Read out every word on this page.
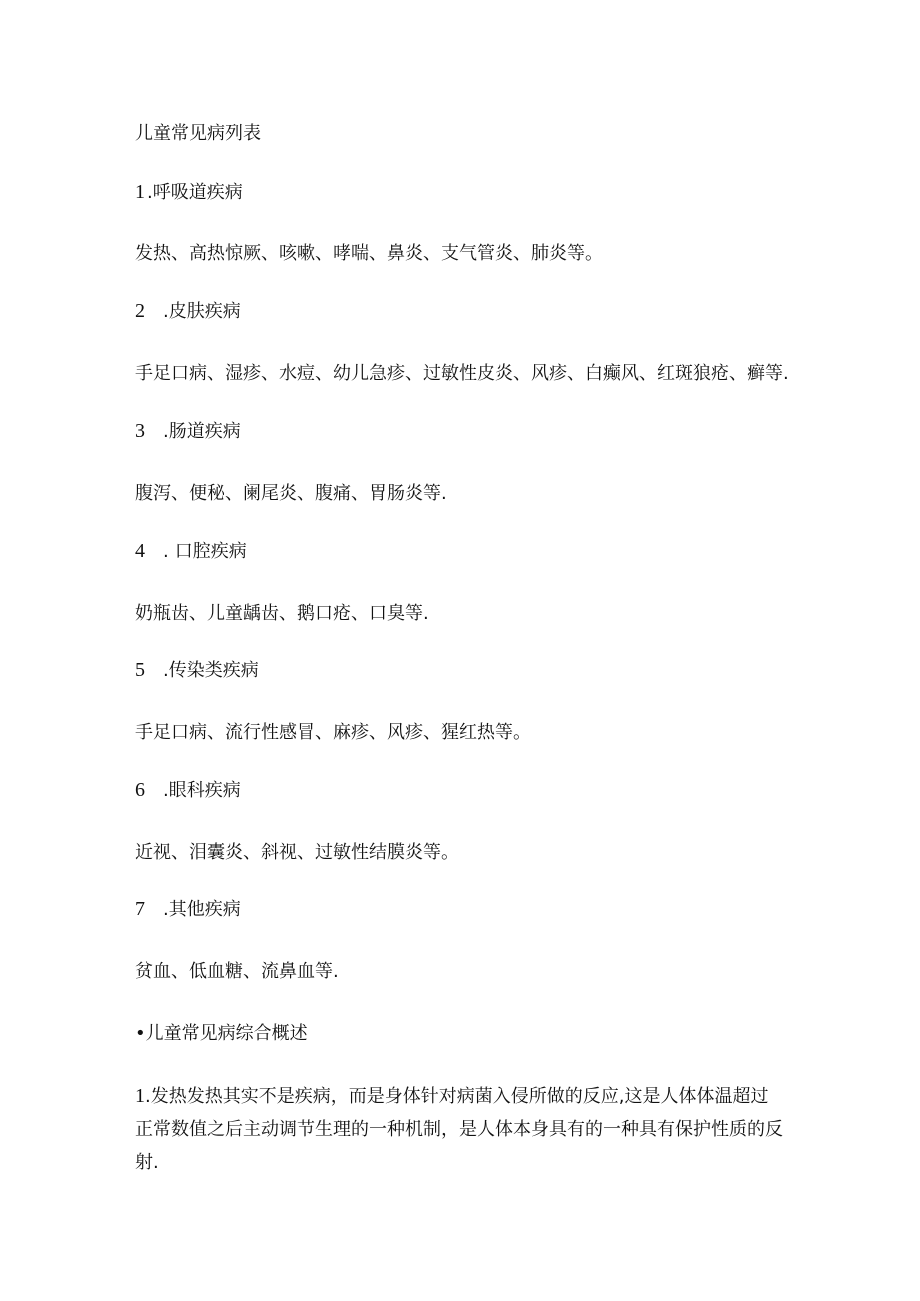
儿童常见病列表
1 .呼吸道疾病
发热、高热惊厥、咳嗽、哮喘、鼻炎、支气管炎、肺炎等。
2 .皮肤疾病
手足口病、湿疹、水痘、幼儿急疹、过敏性皮炎、风疹、白癫风、红斑狼疮、癣等.
3 .肠道疾病
腹泻、便秘、阑尾炎、腹痛、胃肠炎等.
4 . 口腔疾病
奶瓶齿、儿童龋齿、鹅口疮、口臭等.
5 .传染类疾病
手足口病、流行性感冒、麻疹、风疹、猩红热等。
6 .眼科疾病
近视、泪囊炎、斜视、过敏性结膜炎等。
7 .其他疾病
贫血、低血糖、流鼻血等.
•儿童常见病综合概述
1.发热发热其实不是疾病，而是身体针对病菌入侵所做的反应,这是人体体温超过正常数值之后主动调节生理的一种机制，是人体本身具有的一种具有保护性质的反射.
